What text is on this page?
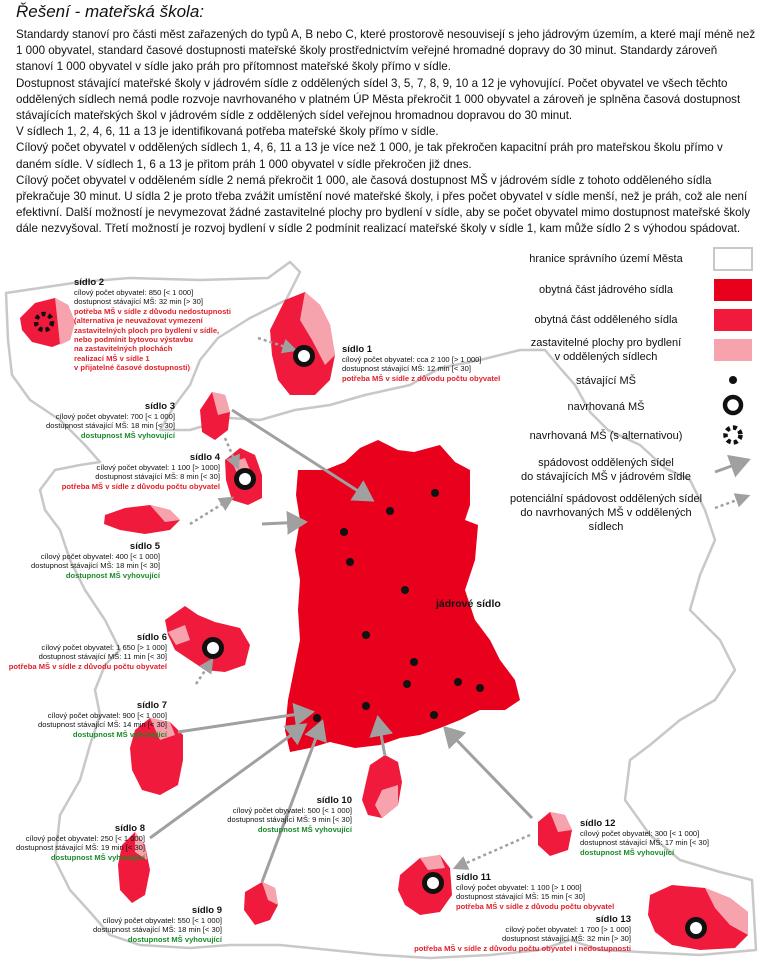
Řešení - mateřská škola:

Standardy stanoví pro části měst zařazených do typů A, B nebo C, které prostorově nesouvisejí s jeho jádrovým územím, a které mají méně než 1 000 obyvatel, standard časové dostupnosti mateřské školy prostřednictvím veřejné hromadné dopravy do 30 minut. Standardy zároveň stanoví 1 000 obyvatel v sídle jako práh pro přítomnost mateřské školy přímo v sídle.

Dostupnost stávající mateřské školy v jádrovém sídle z oddělených sídel 3, 5, 7, 8, 9, 10 a 12 je vyhovující. Počet obyvatel ve všech těchto oddělených sídlech nemá podle rozvoje navrhovaného v platném ÚP Města překročit 1 000 obyvatel a zároveň je splněna časová dostupnost stávajících mateřských škol v jádrovém sídle z oddělených sídel veřejnou hromadnou dopravou do 30 minut.

V sídlech 1, 2, 4, 6, 11 a 13 je identifikovaná potřeba mateřské školy přímo v sídle.

Cílový počet obyvatel v oddělených sídlech 1, 4, 6, 11 a 13 je více než 1 000, je tak překročen kapacitní práh pro mateřskou školu přímo v daném sídle. V sídlech 1, 6 a 13 je přitom práh 1 000 obyvatel v sídle překročen již dnes.

Cílový počet obyvatel v odděleném sídle 2 nemá překročit 1 000, ale časová dostupnost MŠ v jádrovém sídle z tohoto odděleného sídla překračuje 30 minut. U sídla 2 je proto třeba zvážit umístění nové mateřské školy, i přes počet obyvatel v sídle menší, než je práh, což ale není efektivní. Další možností je nevymezovat žádné zastavitelné plochy pro bydlení v sídle, aby se počet obyvatel mimo dostupnost mateřské školy dále nezvyšoval. Třetí možností je rozvoj bydlení v sídle 2 podmínit realizací mateřské školy v sídle 1, kam může sídlo 2 s výhodou spádovat.

hranice správního území Města
obytná část jádrového sídla
obytná část odděleného sídla
zastavitelné plochy pro bydlení
v oddělených sídlech
stávající MŠ
navrhovaná MŠ
navrhovaná MŠ (s alternativou)
spádovost oddělených sídel
do stávajících MŠ v jádrovém sídle
potenciální spádovost oddělených sídel
do navrhovaných MŠ v oddělených sídlech
jádrové sídlo
sídlo 2
cílový počet obyvatel: 850 [< 1 000]
dostupnost stávající MŠ: 32 min [> 30]
potřeba MŠ v sídle z důvodu nedostupnosti
(alternativa je neuvažovat vymezení
zastavitelných ploch pro bydlení v sídle,
nebo podmínit bytovou výstavbu
na zastavitelných plochách
realizací MŠ v sídle 1
v přijatelné časové dostupnosti)
sídlo 1
cílový počet obyvatel: cca 2 100 [> 1 000]
dostupnost stávající MŠ: 12 min [< 30]
potřeba MŠ v sídle z důvodu počtu obyvatel
sídlo 3
cílový počet obyvatel: 700 [< 1 000]
dostupnost stávající MŠ: 18 min [< 30]
dostupnost MŠ vyhovující
sídlo 4
cílový počet obyvatel: 1 100 [> 1000]
dostupnost stávající MŠ: 8 min [< 30]
potřeba MŠ v sídle z důvodu počtu obyvatel
sídlo 5
cílový počet obyvatel: 400 [< 1 000]
dostupnost stávající MŠ: 18 min [< 30]
dostupnost MŠ vyhovující
sídlo 6
cílový počet obyvatel: 1 650 [> 1 000]
dostupnost stávající MŠ: 11 min [< 30]
potřeba MŠ v sídle z důvodu počtu obyvatel
sídlo 7
cílový počet obyvatel: 900 [< 1 000]
dostupnost stávající MŠ: 14 min [< 30]
dostupnost MŠ vyhovující
sídlo 8
cílový počet obyvatel: 250 [< 1 000]
dostupnost stávající MŠ: 19 min [< 30]
dostupnost MŠ vyhovující
sídlo 9
cílový počet obyvatel: 550 [< 1 000]
dostupnost stávající MŠ: 18 min [< 30]
dostupnost MŠ vyhovující
sídlo 10
cílový počet obyvatel: 500 [< 1 000]
dostupnost stávající MŠ: 9 min [< 30]
dostupnost MŠ vyhovující
sídlo 12
cílový počet obyvatel: 300 [< 1 000]
dostupnost stávající MŠ: 17 min [< 30]
dostupnost MŠ vyhovující
sídlo 11
cílový počet obyvatel: 1 100 [> 1 000]
dostupnost stávající MŠ: 15 min [< 30]
potřeba MŠ v sídle z důvodu počtu obyvatel
sídlo 13
cílový počet obyvatel: 1 700 [> 1 000]
dostupnost stávající MŠ: 32 min [> 30]
potřeba MŠ v sídle z důvodu počtu obyvatel i nedostupnosti
